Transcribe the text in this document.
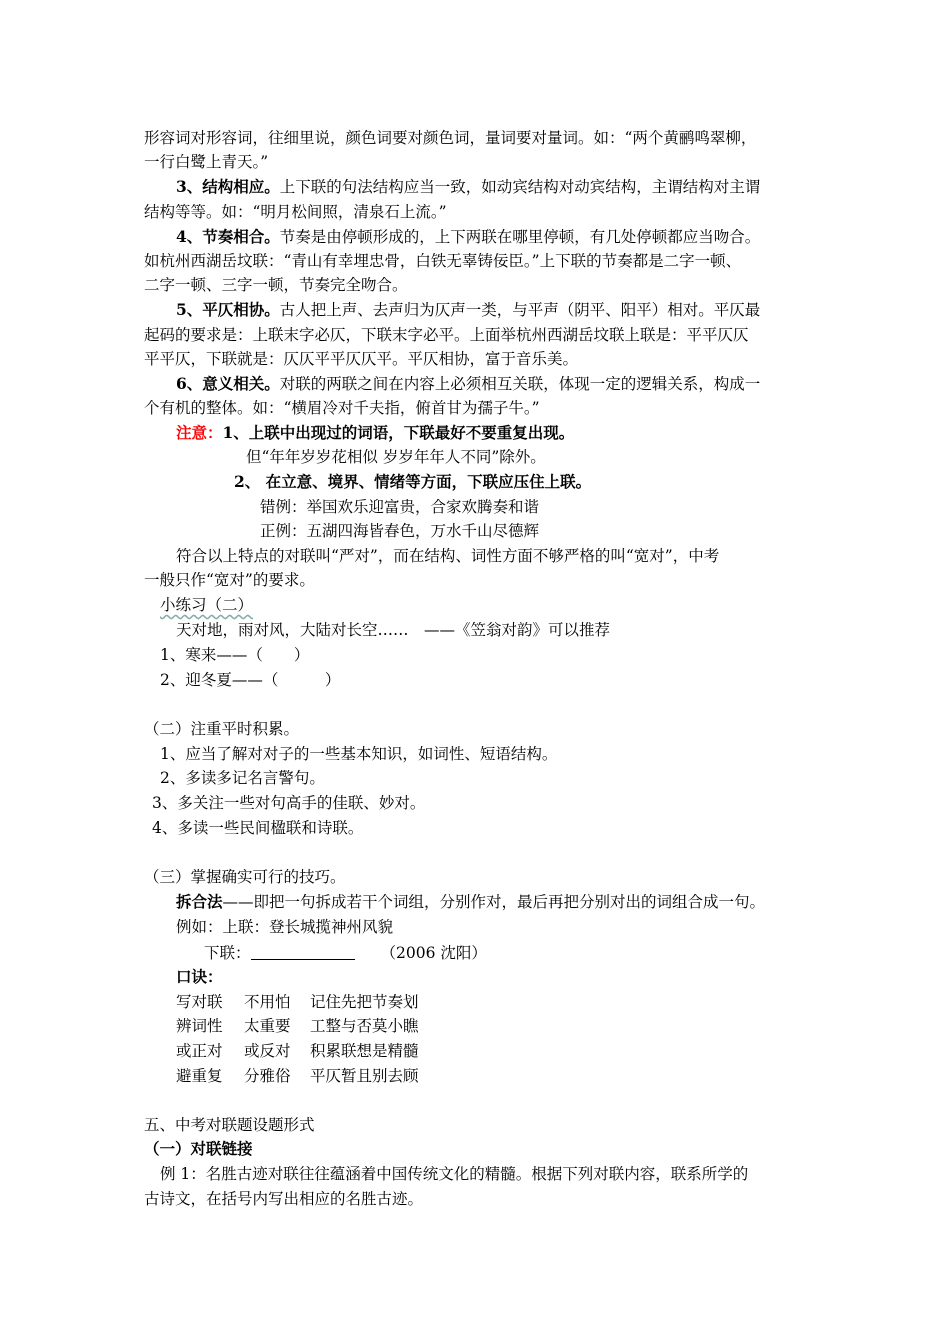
形容词对形容词，往细里说，颜色词要对颜色词，量词要对量词。如：“两个黄鹂鸣翠柳，
一行白鹭上青天。”
3、结构相应。上下联的句法结构应当一致，如动宾结构对动宾结构，主谓结构对主谓
结构等等。如：“明月松间照，清泉石上流。”
4、节奏相合。节奏是由停顿形成的，上下两联在哪里停顿，有几处停顿都应当吻合。
如杭州西湖岳坟联：“青山有幸埋忠骨，白铁无辜铸佞臣。”上下联的节奏都是二字一顿、
二字一顿、三字一顿，节奏完全吻合。
5、平仄相协。古人把上声、去声归为仄声一类，与平声（阴平、阳平）相对。平仄最
起码的要求是：上联末字必仄，下联末字必平。上面举杭州西湖岳坟联上联是：平平仄仄
平平仄，下联就是：仄仄平平仄仄平。平仄相协，富于音乐美。
6、意义相关。对联的两联之间在内容上必须相互关联，体现一定的逻辑关系，构成一
个有机的整体。如：“横眉冷对千夫指，俯首甘为孺子牛。”
注意：1、上联中出现过的词语，下联最好不要重复出现。
但“年年岁岁花相似 岁岁年年人不同”除外。
2、 在立意、境界、情绪等方面，下联应压住上联。
错例：举国欢乐迎富贵，合家欢腾奏和谐
正例：五湖四海皆春色，万水千山尽德辉
符合以上特点的对联叫“严对”，而在结构、词性方面不够严格的叫“宽对”，中考
一般只作“宽对”的要求。
小练习（二）
天对地，雨对风，大陆对长空……　——《笠翁对韵》可以推荐
1、寒来——（　　）
2、迎冬夏——（　　　）
（二）注重平时积累。
1、应当了解对对子的一些基本知识，如词性、短语结构。
2、多读多记名言警句。
3、多关注一些对句高手的佳联、妙对。
4、多读一些民间楹联和诗联。
（三）掌握确实可行的技巧。
拆合法——即把一句拆成若干个词组，分别作对，最后再把分别对出的词组合成一句。
例如：上联：登长城揽神州风貌
下联：	（2006 沈阳）
口诀：
写对联 不用怕 记住先把节奏划
辨词性 太重要 工整与否莫小瞧
或正对 或反对 积累联想是精髓
避重复 分雅俗 平仄暂且别去顾
五、中考对联题设题形式
（一）对联链接
例 1：名胜古迹对联往往蕴涵着中国传统文化的精髓。根据下列对联内容，联系所学的
古诗文，在括号内写出相应的名胜古迹。
